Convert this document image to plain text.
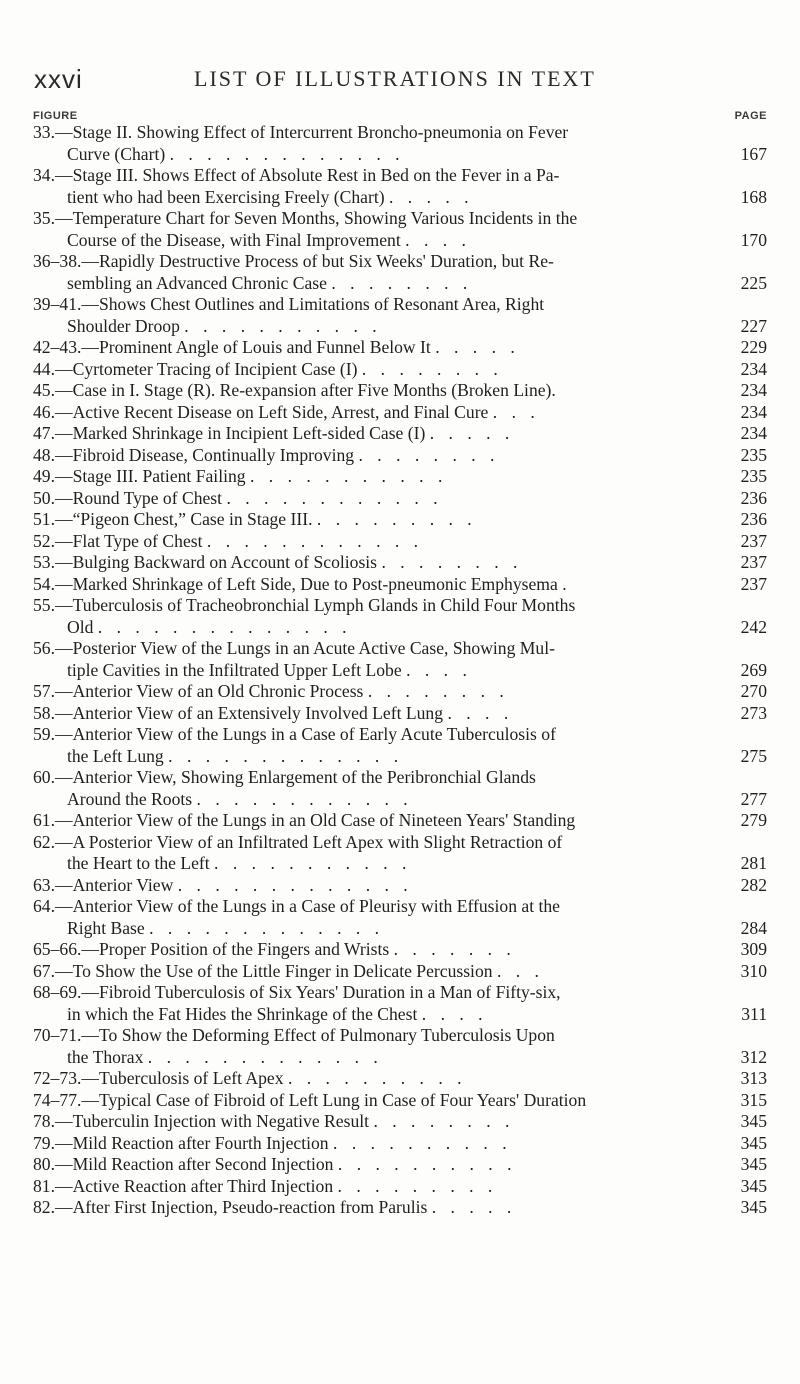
xxvi	LIST OF ILLUSTRATIONS IN TEXT
FIGURE	PAGE
33.—Stage II. Showing Effect of Intercurrent Broncho-pneumonia on Fever
Curve (Chart) . . . . . . . . . . . . .	167
34.—Stage III. Shows Effect of Absolute Rest in Bed on the Fever in a Pa-
tient who had been Exercising Freely (Chart) . . . . .	168
35.—Temperature Chart for Seven Months, Showing Various Incidents in the
Course of the Disease, with Final Improvement . . . .	170
36–38.—Rapidly Destructive Process of but Six Weeks' Duration, but Re-
sembling an Advanced Chronic Case . . . . . . . .	225
39–41.—Shows Chest Outlines and Limitations of Resonant Area, Right
Shoulder Droop . . . . . . . . . . .	227
42–43.—Prominent Angle of Louis and Funnel Below It . . . . .	229
44.—Cyrtometer Tracing of Incipient Case (I) . . . . . . . .	234
45.—Case in I. Stage (R). Re-expansion after Five Months (Broken Line).	234
46.—Active Recent Disease on Left Side, Arrest, and Final Cure . . .	234
47.—Marked Shrinkage in Incipient Left-sided Case (I) . . . . .	234
48.—Fibroid Disease, Continually Improving . . . . . . . .	235
49.—Stage III. Patient Failing . . . . . . . . . . .	235
50.—Round Type of Chest . . . . . . . . . . . .	236
51.—“Pigeon Chest,” Case in Stage III. . . . . . . . . .	236
52.—Flat Type of Chest . . . . . . . . . . . .	237
53.—Bulging Backward on Account of Scoliosis . . . . . . . .	237
54.—Marked Shrinkage of Left Side, Due to Post-pneumonic Emphysema .	237
55.—Tuberculosis of Tracheobronchial Lymph Glands in Child Four Months
Old . . . . . . . . . . . . . .	242
56.—Posterior View of the Lungs in an Acute Active Case, Showing Mul-
tiple Cavities in the Infiltrated Upper Left Lobe . . . .	269
57.—Anterior View of an Old Chronic Process . . . . . . . .	270
58.—Anterior View of an Extensively Involved Left Lung . . . .	273
59.—Anterior View of the Lungs in a Case of Early Acute Tuberculosis of
the Left Lung . . . . . . . . . . . . .	275
60.—Anterior View, Showing Enlargement of the Peribronchial Glands
Around the Roots . . . . . . . . . . . .	277
61.—Anterior View of the Lungs in an Old Case of Nineteen Years' Standing	279
62.—A Posterior View of an Infiltrated Left Apex with Slight Retraction of
the Heart to the Left . . . . . . . . . . .	281
63.—Anterior View . . . . . . . . . . . . .	282
64.—Anterior View of the Lungs in a Case of Pleurisy with Effusion at the
Right Base . . . . . . . . . . . . .	284
65–66.—Proper Position of the Fingers and Wrists . . . . . . .	309
67.—To Show the Use of the Little Finger in Delicate Percussion . . .	310
68–69.—Fibroid Tuberculosis of Six Years' Duration in a Man of Fifty-six,
in which the Fat Hides the Shrinkage of the Chest . . . .	311
70–71.—To Show the Deforming Effect of Pulmonary Tuberculosis Upon
the Thorax . . . . . . . . . . . . .	312
72–73.—Tuberculosis of Left Apex . . . . . . . . . .	313
74–77.—Typical Case of Fibroid of Left Lung in Case of Four Years' Duration	315
78.—Tuberculin Injection with Negative Result . . . . . . . .	345
79.—Mild Reaction after Fourth Injection . . . . . . . . . .	345
80.—Mild Reaction after Second Injection . . . . . . . . . .	345
81.—Active Reaction after Third Injection . . . . . . . . .	345
82.—After First Injection, Pseudo-reaction from Parulis . . . . .	345
